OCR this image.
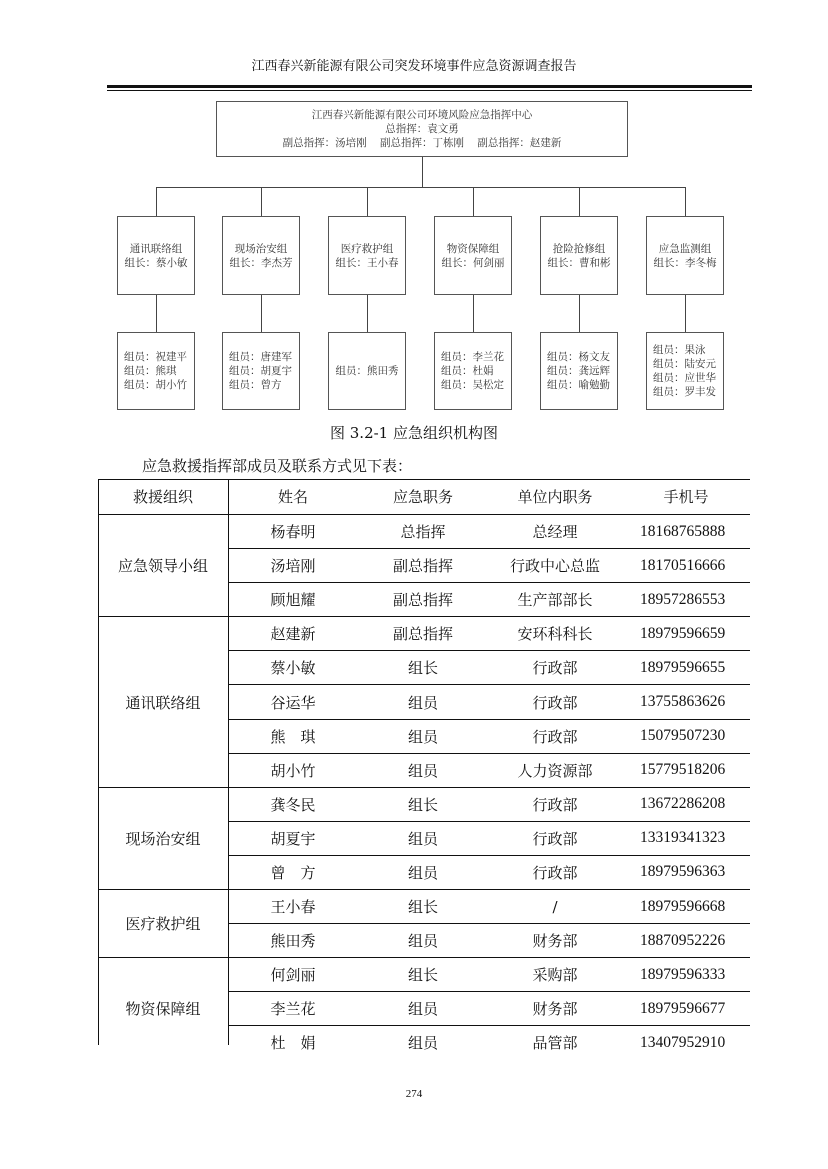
江西春兴新能源有限公司突发环境事件应急资源调查报告
江西春兴新能源有限公司环境风险应急指挥中心
总指挥：袁文勇
副总指挥：汤培刚 副总指挥：丁栋刚 副总指挥：赵建新
通讯联络组
组长：蔡小敏
组员：祝建平
组员：熊琪
组员：胡小竹
现场治安组
组长：李杰芳
组员：唐建军
组员：胡夏宇
组员：曾方
医疗救护组
组长：王小春
组员：熊田秀
物资保障组
组长：何剑丽
组员：李兰花
组员：杜娟
组员：吴松定
抢险抢修组
组长：曹和彬
组员：杨文友
组员：龚远辉
组员：喻勉勤
应急监测组
组长：李冬梅
组员：果泳
组员：陆安元
组员：应世华
组员：罗丰发
图 3.2-1 应急组织机构图
应急救援指挥部成员及联系方式见下表：
救援组织	姓名	应急职务	单位内职务	手机号
应急领导小组	杨春明	总指挥	总经理	18168765888
	汤培刚	副总指挥	行政中心总监	18170516666
	顾旭耀	副总指挥	生产部部长	18957286553
通讯联络组	赵建新	副总指挥	安环科科长	18979596659
	蔡小敏	组长	行政部	18979596655
	谷运华	组员	行政部	13755863626
	熊　琪	组员	行政部	15079507230
	胡小竹	组员	人力资源部	15779518206
现场治安组	龚冬民	组长	行政部	13672286208
	胡夏宇	组员	行政部	13319341323
	曾　方	组员	行政部	18979596363
医疗救护组	王小春	组长	/	18979596668
	熊田秀	组员	财务部	18870952226
物资保障组	何剑丽	组长	采购部	18979596333
	李兰花	组员	财务部	18979596677
	杜　娟	组员	品管部	13407952910
274
